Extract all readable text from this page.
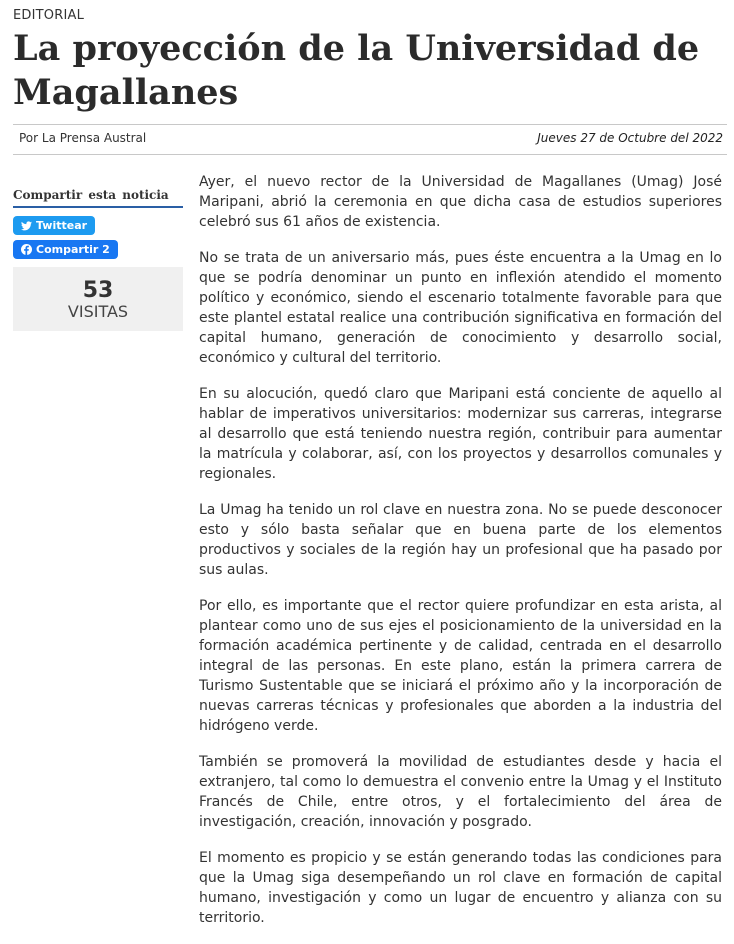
EDITORIAL
La proyección de la Universidad de Magallanes
Por La Prensa Austral	Jueves 27 de Octubre del 2022
Compartir esta noticia
Twittear
Compartir 2
53
VISITAS

Ayer, el nuevo rector de la Universidad de Magallanes (Umag) José Maripani, abrió la ceremonia en que dicha casa de estudios superiores celebró sus 61 años de existencia.

No se trata de un aniversario más, pues éste encuentra a la Umag en lo que se podría denominar un punto en inflexión atendido el momento político y económico, siendo el escenario totalmente favorable para que este plantel estatal realice una contribución significativa en formación del capital humano, generación de conocimiento y desarrollo social, económico y cultural del territorio.

En su alocución, quedó claro que Maripani está conciente de aquello al hablar de imperativos universitarios: modernizar sus carreras, integrarse al desarrollo que está teniendo nuestra región, contribuir para aumentar la matrícula y colaborar, así, con los proyectos y desarrollos comunales y regionales.

La Umag ha tenido un rol clave en nuestra zona. No se puede desconocer esto y sólo basta señalar que en buena parte de los elementos productivos y sociales de la región hay un profesional que ha pasado por sus aulas.

Por ello, es importante que el rector quiere profundizar en esta arista, al plantear como uno de sus ejes el posicionamiento de la universidad en la formación académica pertinente y de calidad, centrada en el desarrollo integral de las personas. En este plano, están la primera carrera de Turismo Sustentable que se iniciará el próximo año y la incorporación de nuevas carreras técnicas y profesionales que aborden a la industria del hidrógeno verde.

También se promoverá la movilidad de estudiantes desde y hacia el extranjero, tal como lo demuestra el convenio entre la Umag y el Instituto Francés de Chile, entre otros, y el fortalecimiento del área de investigación, creación, innovación y posgrado.

El momento es propicio y se están generando todas las condiciones para que la Umag siga desempeñando un rol clave en formación de capital humano, investigación y como un lugar de encuentro y alianza con su territorio.
